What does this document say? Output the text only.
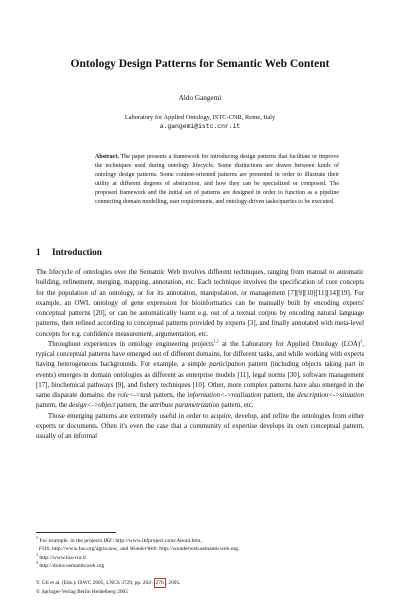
Ontology Design Patterns for Semantic Web Content
Aldo Gangemi
Laboratory for Applied Ontology, ISTC-CNR, Rome, Italy
a.gangemi@istc.cnr.it
Abstract. The paper presents a framework for introducing design patterns that facilitate or improve the techniques used during ontology lifecycle. Some distinctions are drawn between kinds of ontology design patterns. Some content-oriented patterns are presented in order to illustrate their utility at different degrees of abstraction, and how they can be specialized or composed. The proposed framework and the initial set of patterns are designed in order to function as a pipeline connecting domain modelling, user requirements, and ontology-driven tasks/queries to be executed.
1 Introduction

The lifecycle of ontologies over the Semantic Web involves different techniques, ranging from manual to automatic building, refinement, merging, mapping, annotation, etc. Each technique involves the specification of core concepts for the population of an ontology, or for its annotation, manipulation, or management [7][9][10][11][14][19]. For example, an OWL ontology of gene expression for bioinformatics can be manually built by encoding experts' conceptual patterns [20], or can be automatically learnt e.g. out of a textual corpus by encoding natural language patterns, then refined according to conceptual patterns provided by experts [3], and finally annotated with meta-level concepts for e.g. confidence measurement, argumentation, etc.

Throughout experiences in ontology engineering projects$^{1,2}$ at the Laboratory for Applied Ontology (LOA)$^3$, typical conceptual patterns have emerged out of different domains, for different tasks, and while working with experts having heterogeneous backgrounds. For example, a simple participation pattern (including objects taking part in events) emerges in domain ontologies as different as enterprise models [11], legal norms [30], software management [17], biochemical pathways [9], and fishery techniques [10]. Other, more complex patterns have also emerged in the same disparate domains: the role<->task pattern, the information<->realization pattern, the description<->situation pattern, the design<->object pattern, the attribute parametrization pattern, etc.

Those emerging patterns are extremely useful in order to acquire, develop, and refine the ontologies from either experts or documents. Often it's even the case that a community of expertise develops its own conceptual pattern, usually of an informal

$^1$ For example, in the projects IKF: http://www.ikfproject.com/About.htm,
FOS: http://www.fao.org/agris/aos/, and WonderWeb: http://wonderweb.semanticweb.org.
$^2$ http://www.loa-cnr.it
$^3$ http://dolce.semanticweb.org
Y. Gil et al. (Eds.): ISWC 2005, LNCS 3729, pp. 262– 276 , 2005.
© Springer-Verlag Berlin Heidelberg 2005
